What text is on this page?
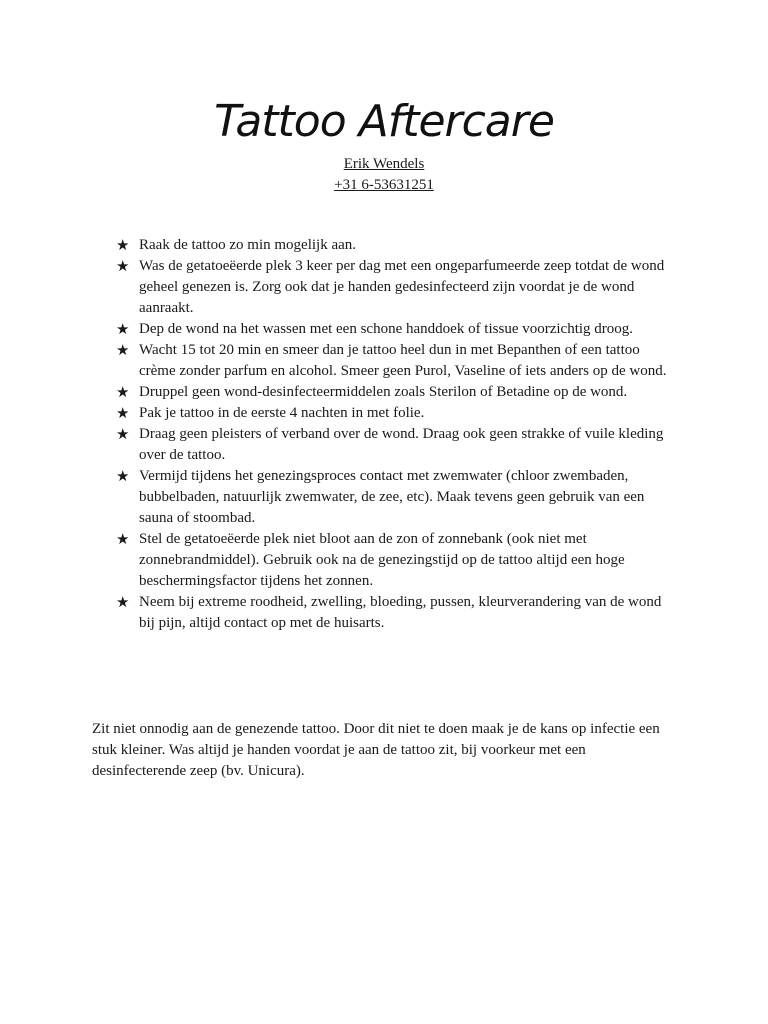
Tattoo Aftercare
Erik Wendels
+31 6-53631251
★ Raak de tattoo zo min mogelijk aan.
★ Was de getatoeëerde plek 3 keer per dag met een ongeparfumeerde zeep totdat de wond geheel genezen is. Zorg ook dat je handen gedesinfecteerd zijn voordat je de wond aanraakt.
★ Dep de wond na het wassen met een schone handdoek of tissue voorzichtig droog.
★ Wacht 15 tot 20 min en smeer dan je tattoo heel dun in met Bepanthen of een tattoo crème zonder parfum en alcohol. Smeer geen Purol, Vaseline of iets anders op de wond.
★ Druppel geen wond-desinfecteermiddelen zoals Sterilon of Betadine op de wond.
★ Pak je tattoo in de eerste 4 nachten in met folie.
★ Draag geen pleisters of verband over de wond. Draag ook geen strakke of vuile kleding over de tattoo.
★ Vermijd tijdens het genezingsproces contact met zwemwater (chloor zwembaden, bubbelbaden, natuurlijk zwemwater, de zee, etc). Maak tevens geen gebruik van een sauna of stoombad.
★ Stel de getatoeëerde plek niet bloot aan de zon of zonnebank (ook niet met zonnebrandmiddel). Gebruik ook na de genezingstijd op de tattoo altijd een hoge beschermingsfactor tijdens het zonnen.
★ Neem bij extreme roodheid, zwelling, bloeding, pussen, kleurverandering van de wond bij pijn, altijd contact op met de huisarts.

Zit niet onnodig aan de genezende tattoo. Door dit niet te doen maak je de kans op infectie een stuk kleiner. Was altijd je handen voordat je aan de tattoo zit, bij voorkeur met een desinfecterende zeep (bv. Unicura).
